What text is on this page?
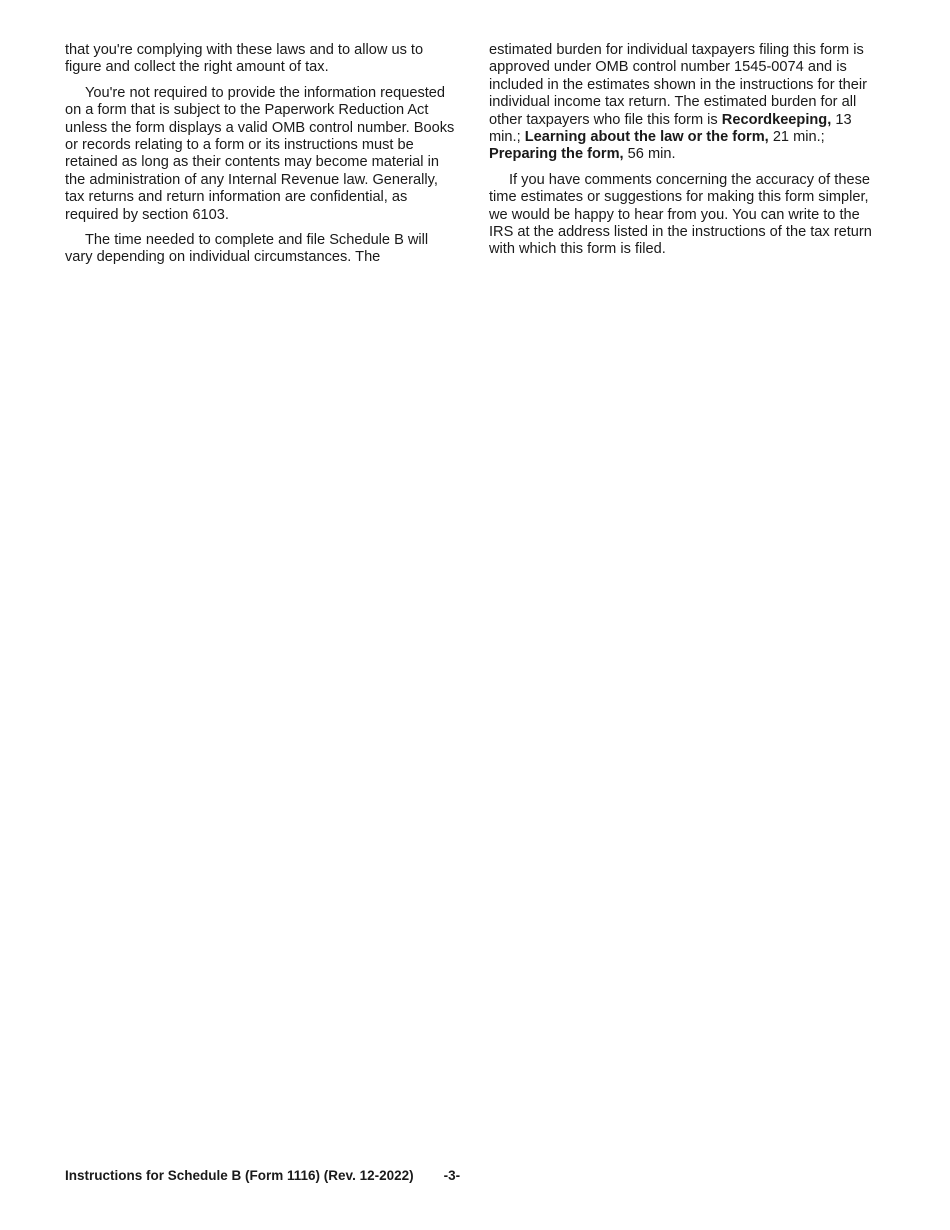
that you're complying with these laws and to allow us to figure and collect the right amount of tax.

You're not required to provide the information requested on a form that is subject to the Paperwork Reduction Act unless the form displays a valid OMB control number. Books or records relating to a form or its instructions must be retained as long as their contents may become material in the administration of any Internal Revenue law. Generally, tax returns and return information are confidential, as required by section 6103.

The time needed to complete and file Schedule B will vary depending on individual circumstances. The

estimated burden for individual taxpayers filing this form is approved under OMB control number 1545-0074 and is included in the estimates shown in the instructions for their individual income tax return. The estimated burden for all other taxpayers who file this form is Recordkeeping, 13 min.; Learning about the law or the form, 21 min.; Preparing the form, 56 min.

If you have comments concerning the accuracy of these time estimates or suggestions for making this form simpler, we would be happy to hear from you. You can write to the IRS at the address listed in the instructions of the tax return with which this form is filed.

Instructions for Schedule B (Form 1116) (Rev. 12-2022) -3-
